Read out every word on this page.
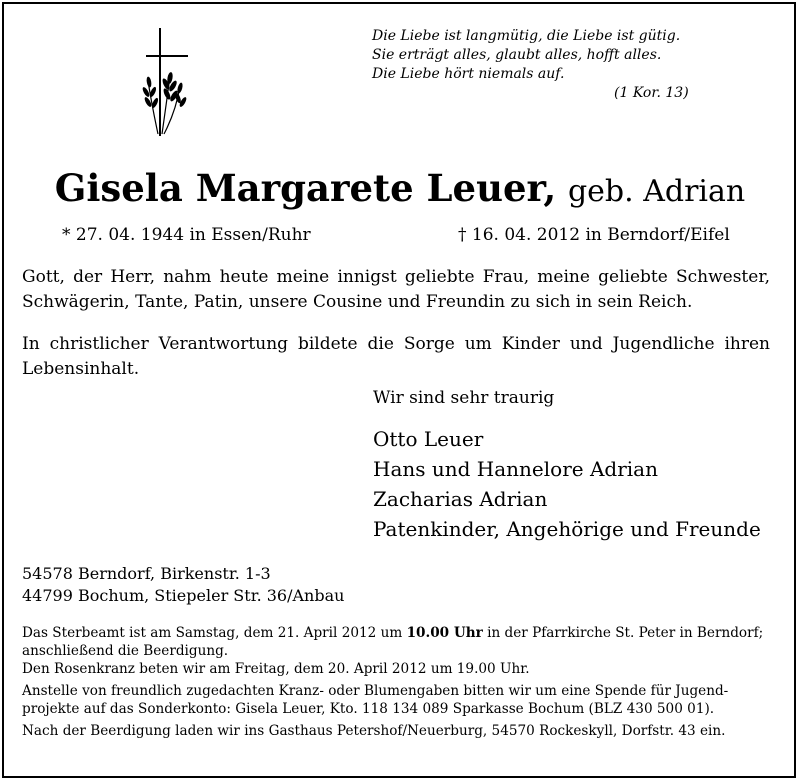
Die Liebe ist langmütig, die Liebe ist gütig.
Sie erträgt alles, glaubt alles, hofft alles.
Die Liebe hört niemals auf.
(1 Kor. 13)
Gisela Margarete Leuer, geb. Adrian
* 27. 04. 1944 in Essen/Ruhr	† 16. 04. 2012 in Berndorf/Eifel

Gott, der Herr, nahm heute meine innigst geliebte Frau, meine geliebte Schwester, Schwägerin, Tante, Patin, unsere Cousine und Freundin zu sich in sein Reich.

In christlicher Verantwortung bildete die Sorge um Kinder und Jugendliche ihren Lebensinhalt.

Wir sind sehr traurig
Otto Leuer
Hans und Hannelore Adrian
Zacharias Adrian
Patenkinder, Angehörige und Freunde
54578 Berndorf, Birkenstr. 1-3
44799 Bochum, Stiepeler Str. 36/Anbau
Das Sterbeamt ist am Samstag, dem 21. April 2012 um 10.00 Uhr in der Pfarrkirche St. Peter in Berndorf;
anschließend die Beerdigung.
Den Rosenkranz beten wir am Freitag, dem 20. April 2012 um 19.00 Uhr.
Anstelle von freundlich zugedachten Kranz- oder Blumengaben bitten wir um eine Spende für Jugend-
projekte auf das Sonderkonto: Gisela Leuer, Kto. 118 134 089 Sparkasse Bochum (BLZ 430 500 01).
Nach der Beerdigung laden wir ins Gasthaus Petershof/Neuerburg, 54570 Rockeskyll, Dorfstr. 43 ein.
